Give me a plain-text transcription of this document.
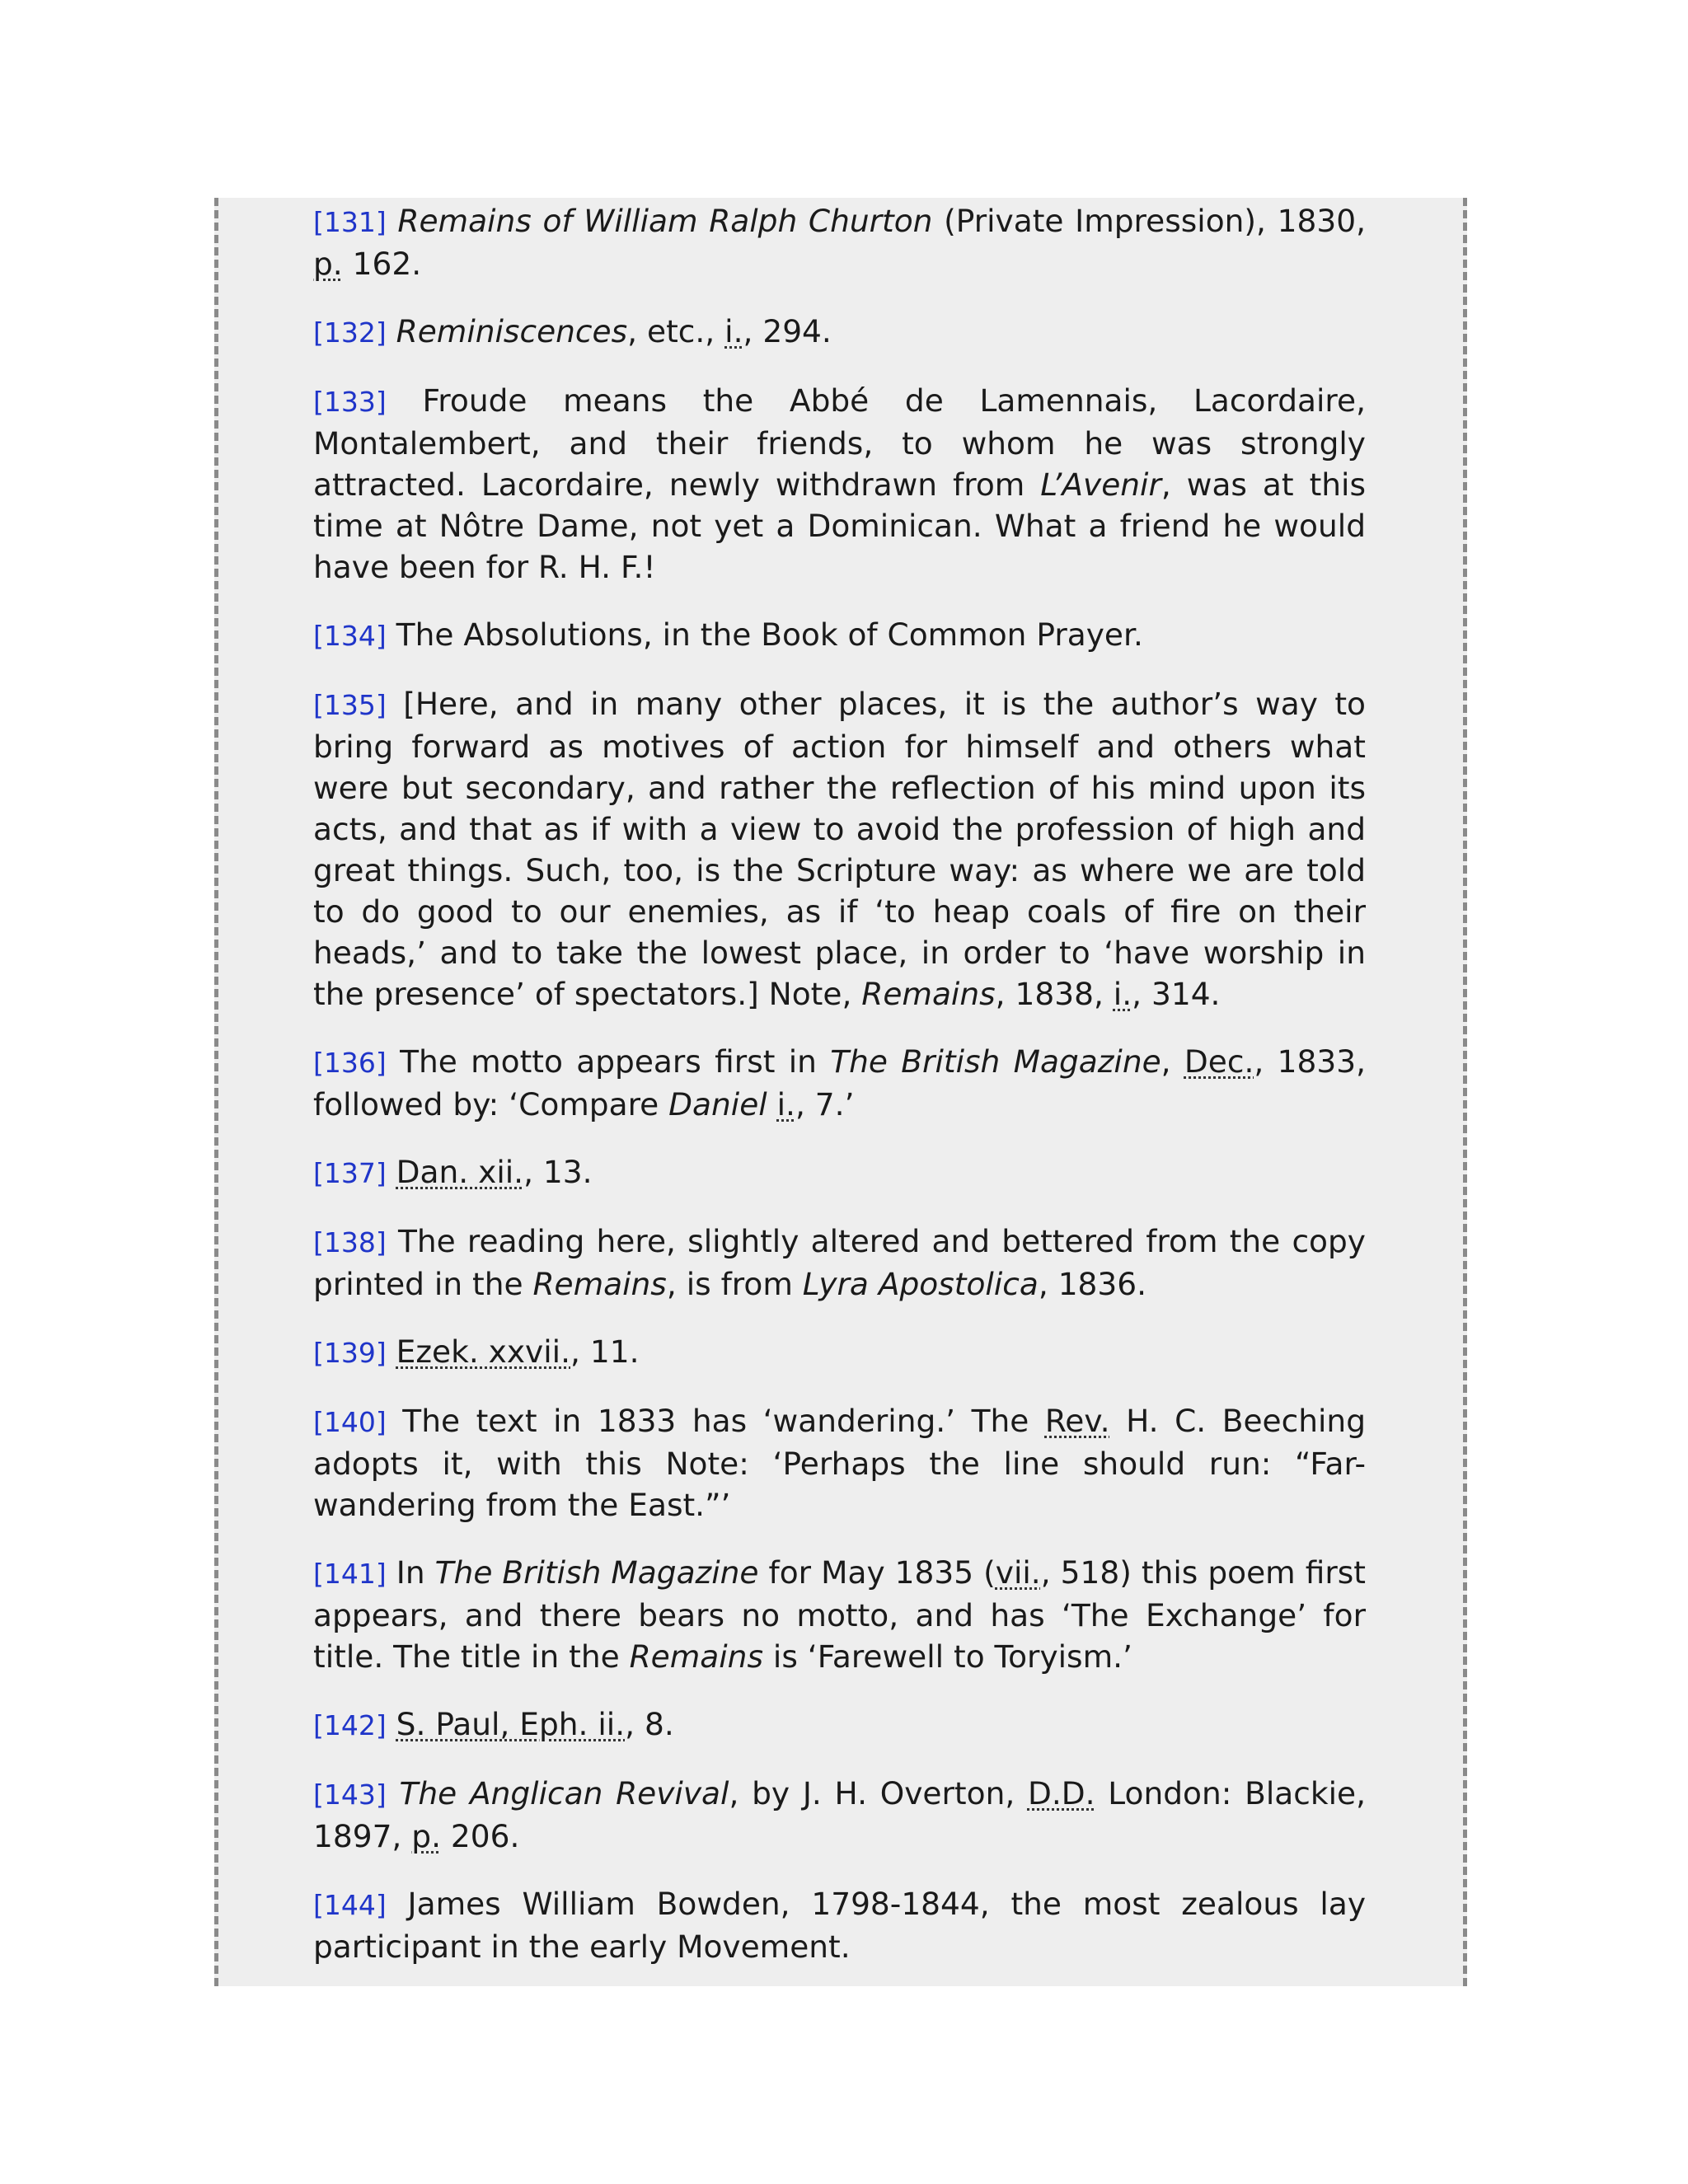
[131] Remains of William Ralph Churton (Private Impression), 1830, p. 162.

[132] Reminiscences, etc., i., 294.

[133] Froude means the Abbé de Lamennais, Lacordaire, Montalembert, and their friends, to whom he was strongly attracted. Lacordaire, newly withdrawn from L’Avenir, was at this time at Nôtre Dame, not yet a Dominican. What a friend he would have been for R. H. F.!

[134] The Absolutions, in the Book of Common Prayer.

[135] [Here, and in many other places, it is the author’s way to bring forward as motives of action for himself and others what were but secondary, and rather the reflection of his mind upon its acts, and that as if with a view to avoid the profession of high and great things. Such, too, is the Scripture way: as where we are told to do good to our enemies, as if ‘to heap coals of fire on their heads,’ and to take the lowest place, in order to ‘have worship in the presence’ of spectators.] Note, Remains, 1838, i., 314.

[136] The motto appears first in The British Magazine, Dec., 1833, followed by: ‘Compare Daniel i., 7.’

[137] Dan. xii., 13.

[138] The reading here, slightly altered and bettered from the copy printed in the Remains, is from Lyra Apostolica, 1836.

[139] Ezek. xxvii., 11.

[140] The text in 1833 has ‘wandering.’ The Rev. H. C. Beeching adopts it, with this Note: ‘Perhaps the line should run: “Far-wandering from the East.”’

[141] In The British Magazine for May 1835 (vii., 518) this poem first appears, and there bears no motto, and has ‘The Exchange’ for title. The title in the Remains is ‘Farewell to Toryism.’

[142] S. Paul, Eph. ii., 8.

[143] The Anglican Revival, by J. H. Overton, D.D. London: Blackie, 1897, p. 206.

[144] James William Bowden, 1798-1844, the most zealous lay participant in the early Movement.
